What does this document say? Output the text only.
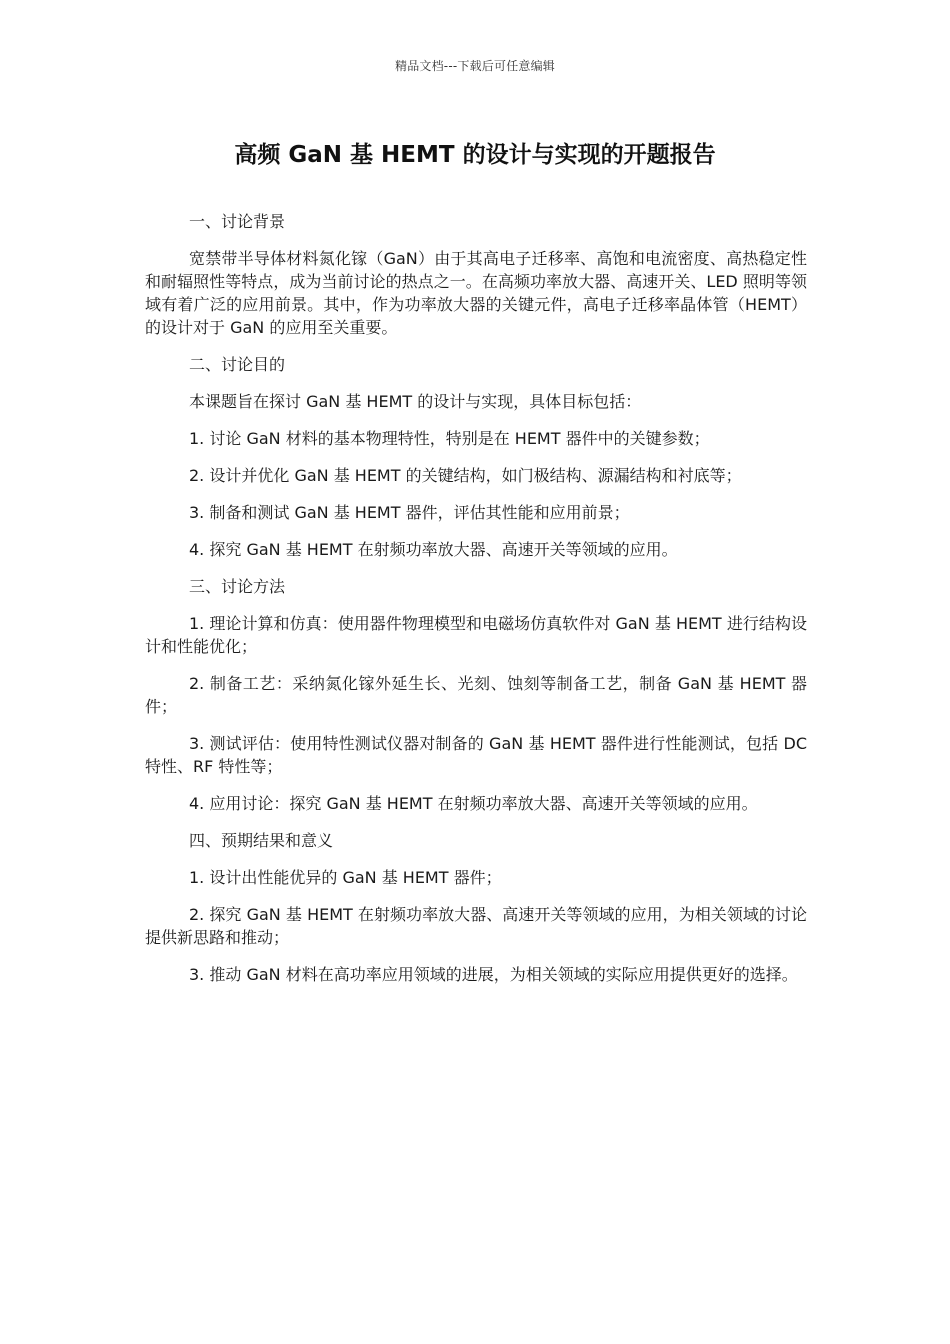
精品文档---下载后可任意编辑
高频 GaN 基 HEMT 的设计与实现的开题报告

一、讨论背景

宽禁带半导体材料氮化镓（GaN）由于其高电子迁移率、高饱和电流密度、高热稳定性和耐辐照性等特点，成为当前讨论的热点之一。在高频功率放大器、高速开关、LED 照明等领域有着广泛的应用前景。其中，作为功率放大器的关键元件，高电子迁移率晶体管（HEMT）的设计对于 GaN 的应用至关重要。

二、讨论目的

本课题旨在探讨 GaN 基 HEMT 的设计与实现，具体目标包括：

1. 讨论 GaN 材料的基本物理特性，特别是在 HEMT 器件中的关键参数；

2. 设计并优化 GaN 基 HEMT 的关键结构，如门极结构、源漏结构和衬底等；

3. 制备和测试 GaN 基 HEMT 器件，评估其性能和应用前景；

4. 探究 GaN 基 HEMT 在射频功率放大器、高速开关等领域的应用。

三、讨论方法

1. 理论计算和仿真：使用器件物理模型和电磁场仿真软件对 GaN 基 HEMT 进行结构设计和性能优化；

2. 制备工艺：采纳氮化镓外延生长、光刻、蚀刻等制备工艺，制备 GaN 基 HEMT 器件；

3. 测试评估：使用特性测试仪器对制备的 GaN 基 HEMT 器件进行性能测试，包括 DC 特性、RF 特性等；

4. 应用讨论：探究 GaN 基 HEMT 在射频功率放大器、高速开关等领域的应用。

四、预期结果和意义

1. 设计出性能优异的 GaN 基 HEMT 器件；

2. 探究 GaN 基 HEMT 在射频功率放大器、高速开关等领域的应用，为相关领域的讨论提供新思路和推动；

3. 推动 GaN 材料在高功率应用领域的进展，为相关领域的实际应用提供更好的选择。
